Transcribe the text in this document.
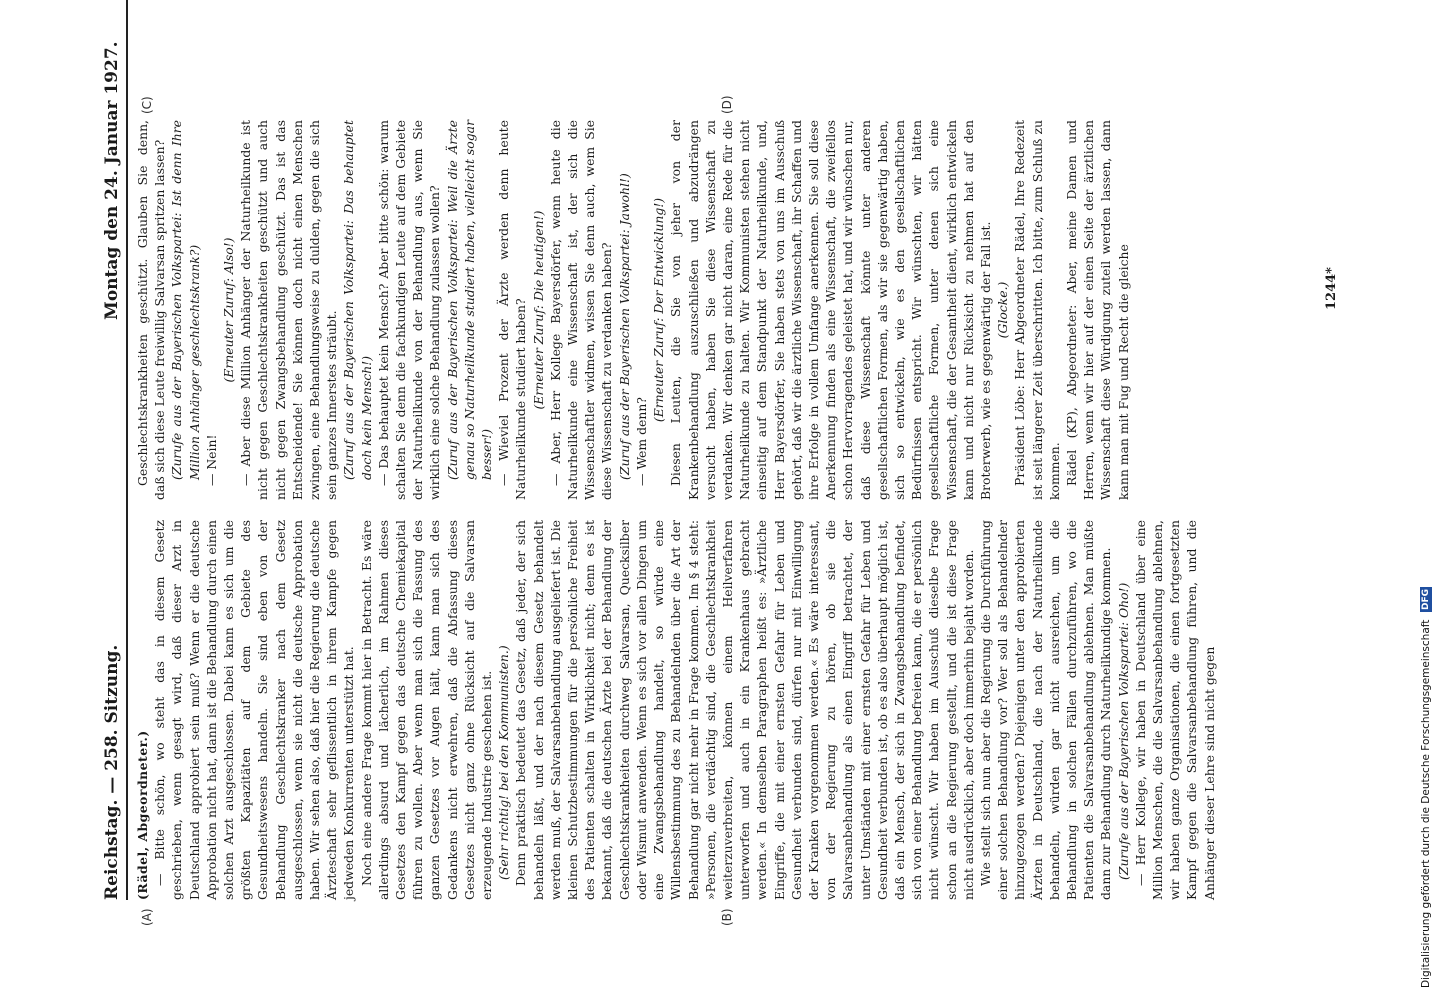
Reichstag. — 258. Sitzung.
Montag den 24. Januar 1927.

(Rädel, Abgeordneter.) — Bitte schön, wo steht das in diesem Gesetz geschrieben, wenn gesagt wird, daß dieser Arzt in Deutschland approbiert sein muß? Wenn er die deutsche Approbation nicht hat, dann ist die Behandlung durch einen solchen Arzt ausgeschlossen. Dabei kann es sich um die größten Kapazitäten auf dem Gebiete des Gesundheitswesens handeln. Sie sind eben von der Behandlung Geschlechtskranker nach dem Gesetz ausgeschlossen, wenn sie nicht die deutsche Approbation haben. Wir sehen also, daß hier die Regierung die deutsche Ärzteschaft sehr geflissentlich in ihrem Kampfe gegen jedweden Konkurrenten unterstützt hat. Noch eine andere Frage kommt hier in Betracht. Es wäre allerdings absurd und lächerlich, im Rahmen dieses Gesetzes den Kampf gegen das deutsche Chemiekapital führen zu wollen. Aber wenn man sich die Fassung des ganzen Gesetzes vor Augen hält, kann man sich des Gedankens nicht erwehren, daß die Abfassung dieses Gesetzes nicht ganz ohne Rücksicht auf die Salvarsan erzeugende Industrie geschehen ist. (Sehr richtig! bei den Kommunisten.) Denn praktisch bedeutet das Gesetz, daß jeder, der sich behandeln läßt, und der nach diesem Gesetz behandelt werden muß, der Salvarsanbehandlung ausgeliefert ist. Die kleinen Schutzbestimmungen für die persönliche Freiheit des Patienten schalten in Wirklichkeit nicht; denn es ist bekannt, daß die deutschen Ärzte bei der Behandlung der Geschlechtskrankheiten durchweg Salvarsan, Quecksilber oder Wismut anwenden. Wenn es sich vor allen Dingen um eine Zwangsbehandlung handelt, so würde eine Willensbestimmung des zu Behandelnden über die Art der Behandlung gar nicht mehr in Frage kommen. Im § 4 steht: »Personen, die verdächtig sind, die Geschlechtskrankheit weiterzuverbreiten, können einem Heilverfahren unterworfen und auch in ein Krankenhaus gebracht werden.« In demselben Paragraphen heißt es: »Ärztliche Eingriffe, die mit einer ernsten Gefahr für Leben und Gesundheit verbunden sind, dürfen nur mit Einwilligung der Kranken vorgenommen werden.« Es wäre interessant, von der Regierung zu hören, ob sie die Salvarsanbehandlung als einen Eingriff betrachtet, der unter Umständen mit einer ernsten Gefahr für Leben und Gesundheit verbunden ist, ob es also überhaupt möglich ist, daß ein Mensch, der sich in Zwangsbehandlung befindet, sich von einer Behandlung befreien kann, die er persönlich nicht wünscht. Wir haben im Ausschuß dieselbe Frage schon an die Regierung gestellt, und die ist diese Frage nicht ausdrücklich, aber doch immerhin bejaht worden. Wie stellt sich nun aber die Regierung die Durchführung einer solchen Behandlung vor? Wer soll als Behandelnder hinzugezogen werden? Diejenigen unter den approbierten Ärzten in Deutschland, die nach der Naturheilkunde behandeln, würden gar nicht ausreichen, um die Behandlung in solchen Fällen durchzuführen, wo die Patienten die Salvarsanbehandlung ablehnen. Man müßte dann zur Behandlung durch Naturheilkundige kommen. (Zurufe aus der Bayerischen Volkspartei: Oho!) — Herr Kollege, wir haben in Deutschland über eine Million Menschen, die die Salvarsanbehandlung ablehnen, wir haben ganze Organisationen, die einen fortgesetzten Kampf gegen die Salvarsanbehandlung führen, und die Anhänger dieser Lehre sind nicht gegen

Geschlechtskrankheiten geschützt. Glauben Sie denn, daß sich diese Leute freiwillig Salvarsan spritzen lassen? (Zurufe aus der Bayerischen Volkspartei: Ist denn Ihre Million Anhänger geschlechtskrank?) — Nein!

(Erneuter Zuruf: Also!) — Aber diese Million Anhänger der Naturheilkunde ist nicht gegen Geschlechtskrankheiten geschützt und auch nicht gegen Zwangsbehandlung geschützt. Das ist das Entscheidende! Sie können doch nicht einen Menschen zwingen, eine Behandlungsweise zu dulden, gegen die sich sein ganzes Innerstes sträubt. (Zuruf aus der Bayerischen Volkspartei: Das behauptet doch kein Mensch!) — Das behauptet kein Mensch? Aber bitte schön: warum schalten Sie denn die fachkundigen Leute auf dem Gebiete der Naturheilkunde von der Behandlung aus, wenn Sie wirklich eine solche Behandlung zulassen wollen? (Zuruf aus der Bayerischen Volkspartei: Weil die Ärzte genau so Naturheilkunde studiert haben, vielleicht sogar besser!) — Wieviel Prozent der Ärzte werden denn heute Naturheilkunde studiert haben? (Erneuter Zuruf: Die heutigen!) — Aber, Herr Kollege Bayersdörfer, wenn heute die Naturheilkunde eine Wissenschaft ist, der sich die Wissenschaftler widmen, wissen Sie denn auch, wem Sie diese Wissenschaft zu verdanken haben? (Zuruf aus der Bayerischen Volkspartei: Jawohl!) — Wem denn?

(Erneuter Zuruf: Der Entwicklung!) Diesen Leuten, die Sie von jeher von der Krankenbehandlung auszuschließen und abzudrängen versucht haben, haben Sie diese Wissenschaft zu verdanken. Wir denken gar nicht daran, eine Rede für die Naturheilkunde zu halten. Wir Kommunisten stehen nicht einseitig auf dem Standpunkt der Naturheilkunde, und, Herr Bayersdörfer, Sie haben stets von uns im Ausschuß gehört, daß wir die ärztliche Wissenschaft, ihr Schaffen und ihre Erfolge in vollem Umfange anerkennen. Sie soll diese Anerkennung finden als eine Wissenschaft, die zweifellos schon Hervorragendes geleistet hat, und wir wünschen nur, daß diese Wissenschaft könnte unter anderen gesellschaftlichen Formen, als wir sie gegenwärtig haben, sich so entwickeln, wie es den gesellschaftlichen Bedürfnissen entspricht. Wir wünschten, wir hätten gesellschaftliche Formen, unter denen sich eine Wissenschaft, die der Gesamtheit dient, wirklich entwickeln kann und nicht nur Rücksicht zu nehmen hat auf den Broterwerb, wie es gegenwärtig der Fall ist. (Glocke.) Präsident Löbe: Herr Abgeordneter Rädel, Ihre Redezeit ist seit längerer Zeit überschritten. Ich bitte, zum Schluß zu kommen. Rädel (KP), Abgeordneter: Aber, meine Damen und Herren, wenn wir hier auf der einen Seite der ärztlichen Wissenschaft diese Würdigung zuteil werden lassen, dann kann man mit Fug und Recht die gleiche

(A)	(B)
(C)	(D)
1244*
Digitalisierung gefördert durch die Deutsche Forschungsgemeinschaft DFG
